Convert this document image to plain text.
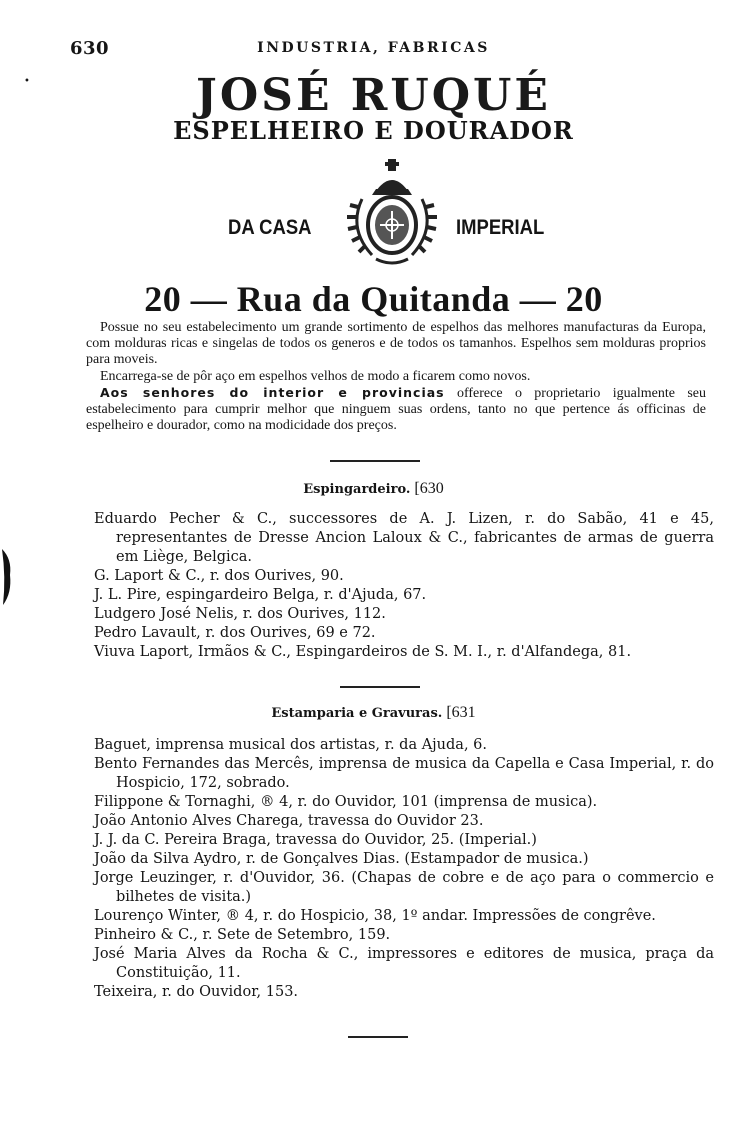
630	INDUSTRIA, FABRICAS
•	JOSÉ RUQUÉ
ESPELHEIRO E DOURADOR
DA CASA	IMPERIAL
20 — Rua da Quitanda — 20

Possue no seu estabelecimento um grande sortimento de espelhos das melhores manufacturas da Europa, com molduras ricas e singelas de todos os generos e de todos os tamanhos. Espelhos sem molduras proprios para moveis.

Encarrega-se de pôr aço em espelhos velhos de modo a ficarem como novos.

Aos senhores do interior e provincias offerece o proprietario igualmente seu estabelecimento para cumprir melhor que ninguem suas ordens, tanto no que pertence ás officinas de espelheiro e dourador, como na modicidade dos preços.

Espingardeiro. [630
Eduardo Pecher & C., successores de A. J. Lizen, r. do Sabão, 41 e 45, representantes de Dresse Ancion Laloux & C., fabricantes de armas de guerra em Liège, Belgica.
G. Laport & C., r. dos Ourives, 90.
J. L. Pire, espingardeiro Belga, r. d'Ajuda, 67.
Ludgero José Nelis, r. dos Ourives, 112.
Pedro Lavault, r. dos Ourives, 69 e 72.
Viuva Laport, Irmãos & C., Espingardeiros de S. M. I., r. d'Alfandega, 81.
Estamparia e Gravuras. [631
Baguet, imprensa musical dos artistas, r. da Ajuda, 6.
Bento Fernandes das Mercês, imprensa de musica da Capella e Casa Imperial, r. do Hospicio, 172, sobrado.
Filippone & Tornaghi, ® 4, r. do Ouvidor, 101 (imprensa de musica).
João Antonio Alves Charega, travessa do Ouvidor 23.
J. J. da C. Pereira Braga, travessa do Ouvidor, 25. (Imperial.)
João da Silva Aydro, r. de Gonçalves Dias. (Estampador de musica.)
Jorge Leuzinger, r. d'Ouvidor, 36. (Chapas de cobre e de aço para o commercio e bilhetes de visita.)
Lourenço Winter, ® 4, r. do Hospicio, 38, 1º andar. Impressões de congrêve.
Pinheiro & C., r. Sete de Setembro, 159.
José Maria Alves da Rocha & C., impressores e editores de musica, praça da Constituição, 11.
Teixeira, r. do Ouvidor, 153.
